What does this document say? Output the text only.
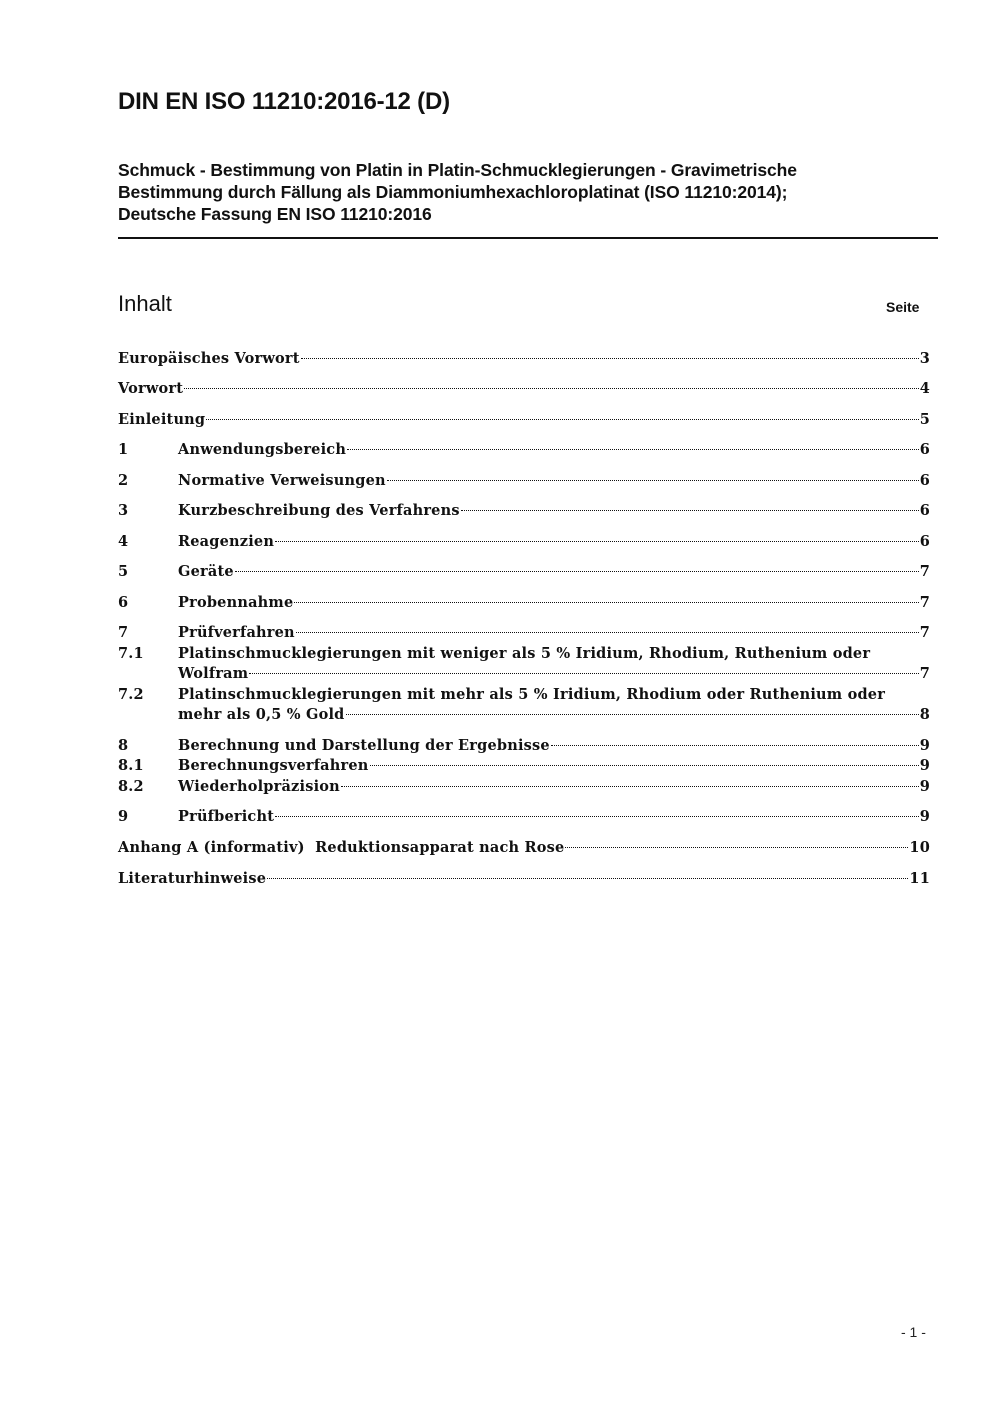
DIN EN ISO 11210:2016-12 (D)
Schmuck - Bestimmung von Platin in Platin-Schmucklegierungen - Gravimetrische
Bestimmung durch Fällung als Diammoniumhexachloroplatinat (ISO 11210:2014);
Deutsche Fassung EN ISO 11210:2016
Inhalt	Seite
Europäisches Vorwort	3
Vorwort	4
Einleitung	5
1	Anwendungsbereich	6
2	Normative Verweisungen	6
3	Kurzbeschreibung des Verfahrens	6
4	Reagenzien	6
5	Geräte	7
6	Probennahme	7
7	Prüfverfahren	7
7.1	Platinschmucklegierungen mit weniger als 5 % Iridium, Rhodium, Ruthenium oder
Wolfram	7
7.2	Platinschmucklegierungen mit mehr als 5 % Iridium, Rhodium oder Ruthenium oder
mehr als 0,5 % Gold	8
8	Berechnung und Darstellung der Ergebnisse	9
8.1	Berechnungsverfahren	9
8.2	Wiederholpräzision	9
9	Prüfbericht	9
Anhang A (informativ)  Reduktionsapparat nach Rose	10
Literaturhinweise	11
- 1 -
